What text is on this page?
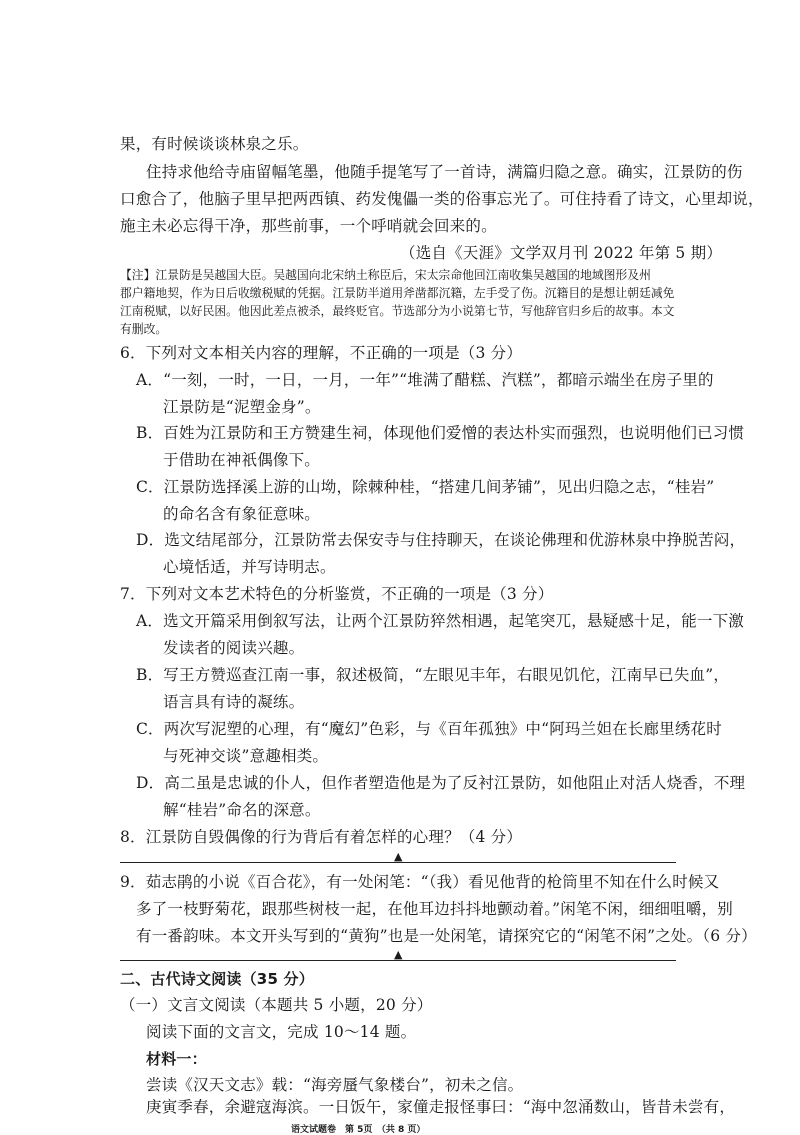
果，有时候谈谈林泉之乐。
住持求他给寺庙留幅笔墨，他随手提笔写了一首诗，满篇归隐之意。确实，江景防的伤
口愈合了，他脑子里早把两西镇、药发傀儡一类的俗事忘光了。可住持看了诗文，心里却说，
施主未必忘得干净，那些前事，一个呼哨就会回来的。
（选自《天涯》文学双月刊 2022 年第 5 期）
【注】江景防是吴越国大臣。吴越国向北宋纳土称臣后，宋太宗命他回江南收集吴越国的地域图形及州
郡户籍地契，作为日后收缴税赋的凭据。江景防半道用斧凿都沉籍，左手受了伤。沉籍目的是想让朝廷减免
江南税赋，以好民困。他因此差点被杀，最终贬官。节选部分为小说第七节，写他辞官归乡后的故事。本文
有删改。
6．下列对文本相关内容的理解，不正确的一项是（3 分）
A．“一刻，一时，一日，一月，一年”“堆满了醋糕、汽糕”，都暗示端坐在房子里的
江景防是“泥塑金身”。
B．百姓为江景防和王方赞建生祠，体现他们爱憎的表达朴实而强烈，也说明他们已习惯
于借助在神祇偶像下。
C．江景防选择溪上游的山坳，除棘种桂，“搭建几间茅铺”，见出归隐之志，“桂岩”
的命名含有象征意味。
D．选文结尾部分，江景防常去保安寺与住持聊天，在谈论佛理和优游林泉中挣脱苦闷，
心境恬适，并写诗明志。
7．下列对文本艺术特色的分析鉴赏，不正确的一项是（3 分）
A．选文开篇采用倒叙写法，让两个江景防猝然相遇，起笔突兀，悬疑感十足，能一下激
发读者的阅读兴趣。
B．写王方赞巡查江南一事，叙述极简，“左眼见丰年，右眼见饥佗，江南早已失血”，
语言具有诗的凝练。
C．两次写泥塑的心理，有“魔幻”色彩，与《百年孤独》中“阿玛兰妲在长廊里绣花时
与死神交谈”意趣相类。
D．高二虽是忠诚的仆人，但作者塑造他是为了反衬江景防，如他阻止对活人烧香，不理
解“桂岩”命名的深意。
8．江景防自毁偶像的行为背后有着怎样的心理？（4 分）
▲
9．茹志鹃的小说《百合花》，有一处闲笔：“（我）看见他背的枪筒里不知在什么时候又
多了一枝野菊花，跟那些树枝一起，在他耳边抖抖地颤动着。”闲笔不闲，细细咀嚼，别
有一番韵味。本文开头写到的“黄狗”也是一处闲笔，请探究它的“闲笔不闲”之处。（6 分）
▲
二、古代诗文阅读（35 分）
（一）文言文阅读（本题共 5 小题，20 分）
阅读下面的文言文，完成 10～14 题。
材料一：
尝读《汉天文志》载：“海旁蜃气象楼台”，初未之信。
庚寅季春，余避寇海滨。一日饭午，家僮走报怪事曰：“海中忽涌数山，皆昔未尝有，
语文试题卷　第 5页　（共 8 页）
